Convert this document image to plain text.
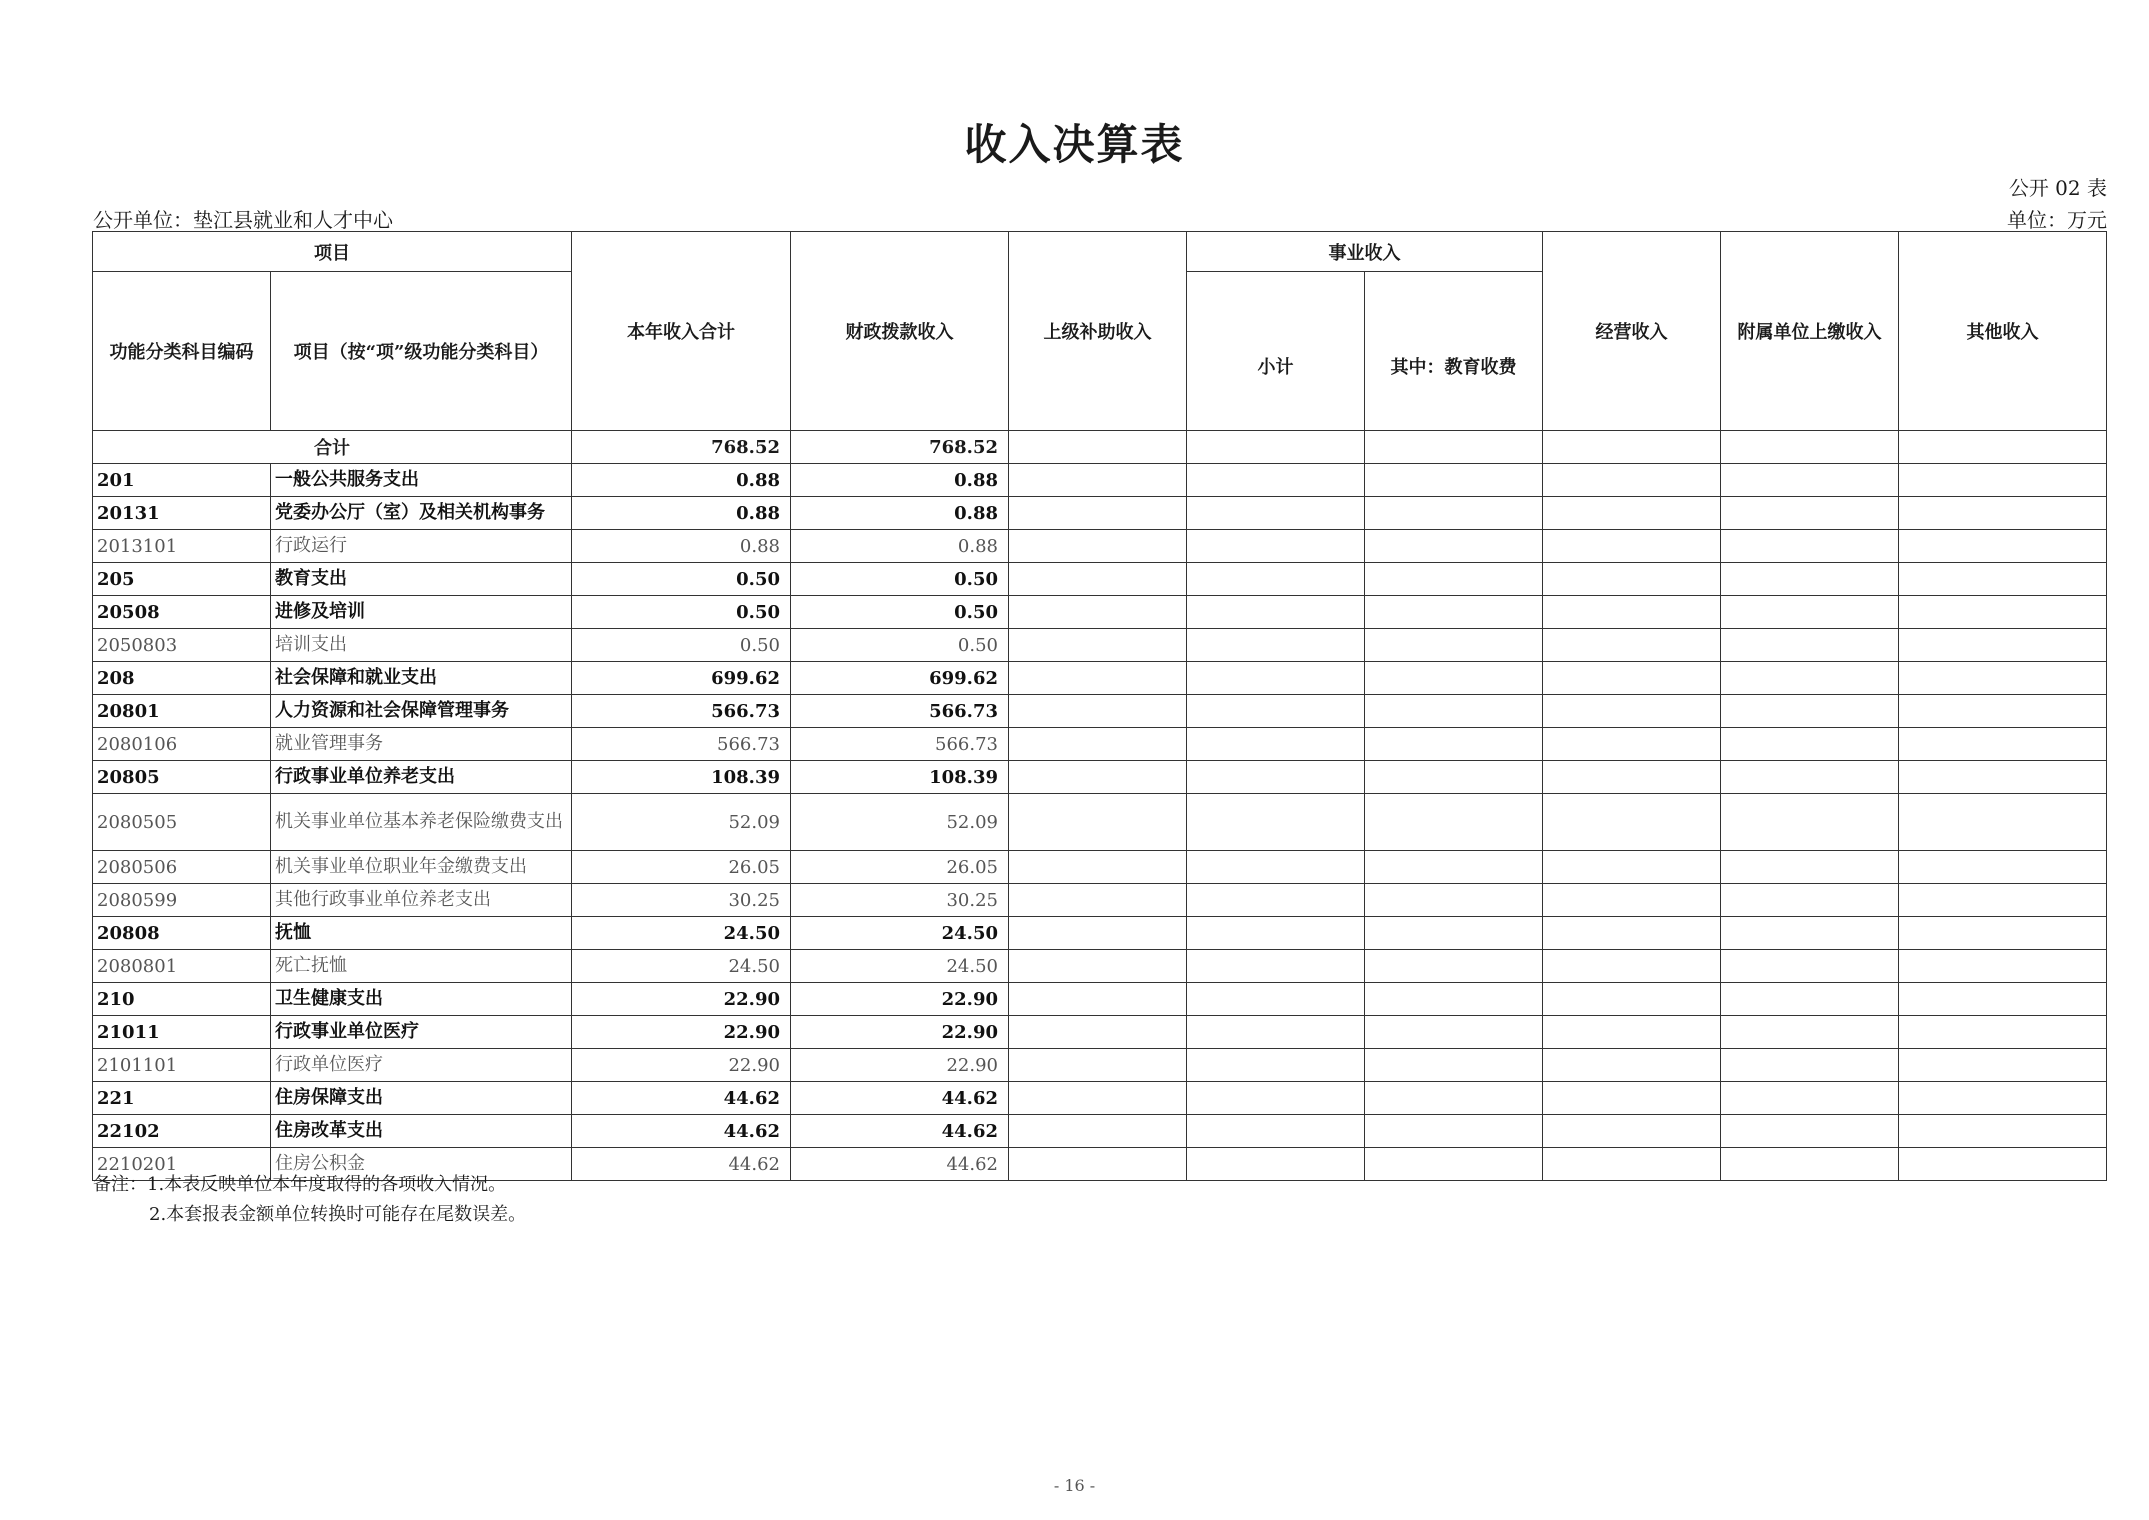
收入决算表
公开 02 表
公开单位：垫江县就业和人才中心	单位：万元
项目		本年收入合计	财政拨款收入	上级补助收入	事业收入		经营收入	附属单位上缴收入	其他收入
功能分类科目编码	项目（按“项”级功能分类科目）				小计	其中：教育收费			
合计		768.52	768.52						
201	一般公共服务支出	0.88	0.88						
20131	党委办公厅（室）及相关机构事务	0.88	0.88						
2013101	行政运行	0.88	0.88						
205	教育支出	0.50	0.50						
20508	进修及培训	0.50	0.50						
2050803	培训支出	0.50	0.50						
208	社会保障和就业支出	699.62	699.62						
20801	人力资源和社会保障管理事务	566.73	566.73						
2080106	就业管理事务	566.73	566.73						
20805	行政事业单位养老支出	108.39	108.39						
2080505	机关事业单位基本养老保险缴费支出	52.09	52.09						
2080506	机关事业单位职业年金缴费支出	26.05	26.05						
2080599	其他行政事业单位养老支出	30.25	30.25						
20808	抚恤	24.50	24.50						
2080801	死亡抚恤	24.50	24.50						
210	卫生健康支出	22.90	22.90						
21011	行政事业单位医疗	22.90	22.90						
2101101	行政单位医疗	22.90	22.90						
221	住房保障支出	44.62	44.62						
22102	住房改革支出	44.62	44.62						
2210201	住房公积金	44.62	44.62						
备注：1.本表反映单位本年度取得的各项收入情况。
2.本套报表金额单位转换时可能存在尾数误差。
- 16 -
